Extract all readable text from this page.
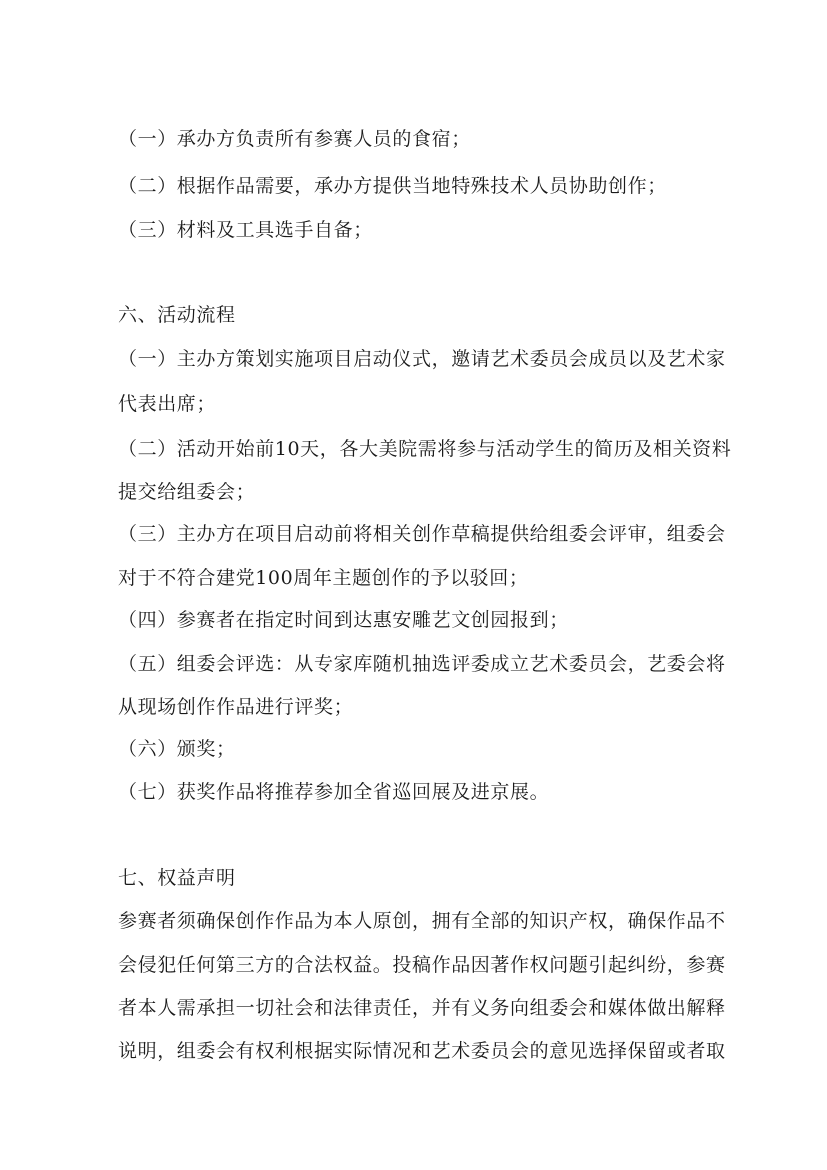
（一）承办方负责所有参赛人员的食宿；
（二）根据作品需要，承办方提供当地特殊技术人员协助创作；
（三）材料及工具选手自备；
六、活动流程
（一）主办方策划实施项目启动仪式，邀请艺术委员会成员以及艺术家
代表出席；
（二）活动开始前10天，各大美院需将参与活动学生的简历及相关资料
提交给组委会；
（三）主办方在项目启动前将相关创作草稿提供给组委会评审，组委会
对于不符合建党100周年主题创作的予以驳回；
（四）参赛者在指定时间到达惠安雕艺文创园报到；
（五）组委会评选：从专家库随机抽选评委成立艺术委员会，艺委会将
从现场创作作品进行评奖；
（六）颁奖；
（七）获奖作品将推荐参加全省巡回展及进京展。
七、权益声明
参赛者须确保创作作品为本人原创，拥有全部的知识产权，确保作品不
会侵犯任何第三方的合法权益。投稿作品因著作权问题引起纠纷，参赛
者本人需承担一切社会和法律责任，并有义务向组委会和媒体做出解释
说明，组委会有权利根据实际情况和艺术委员会的意见选择保留或者取
